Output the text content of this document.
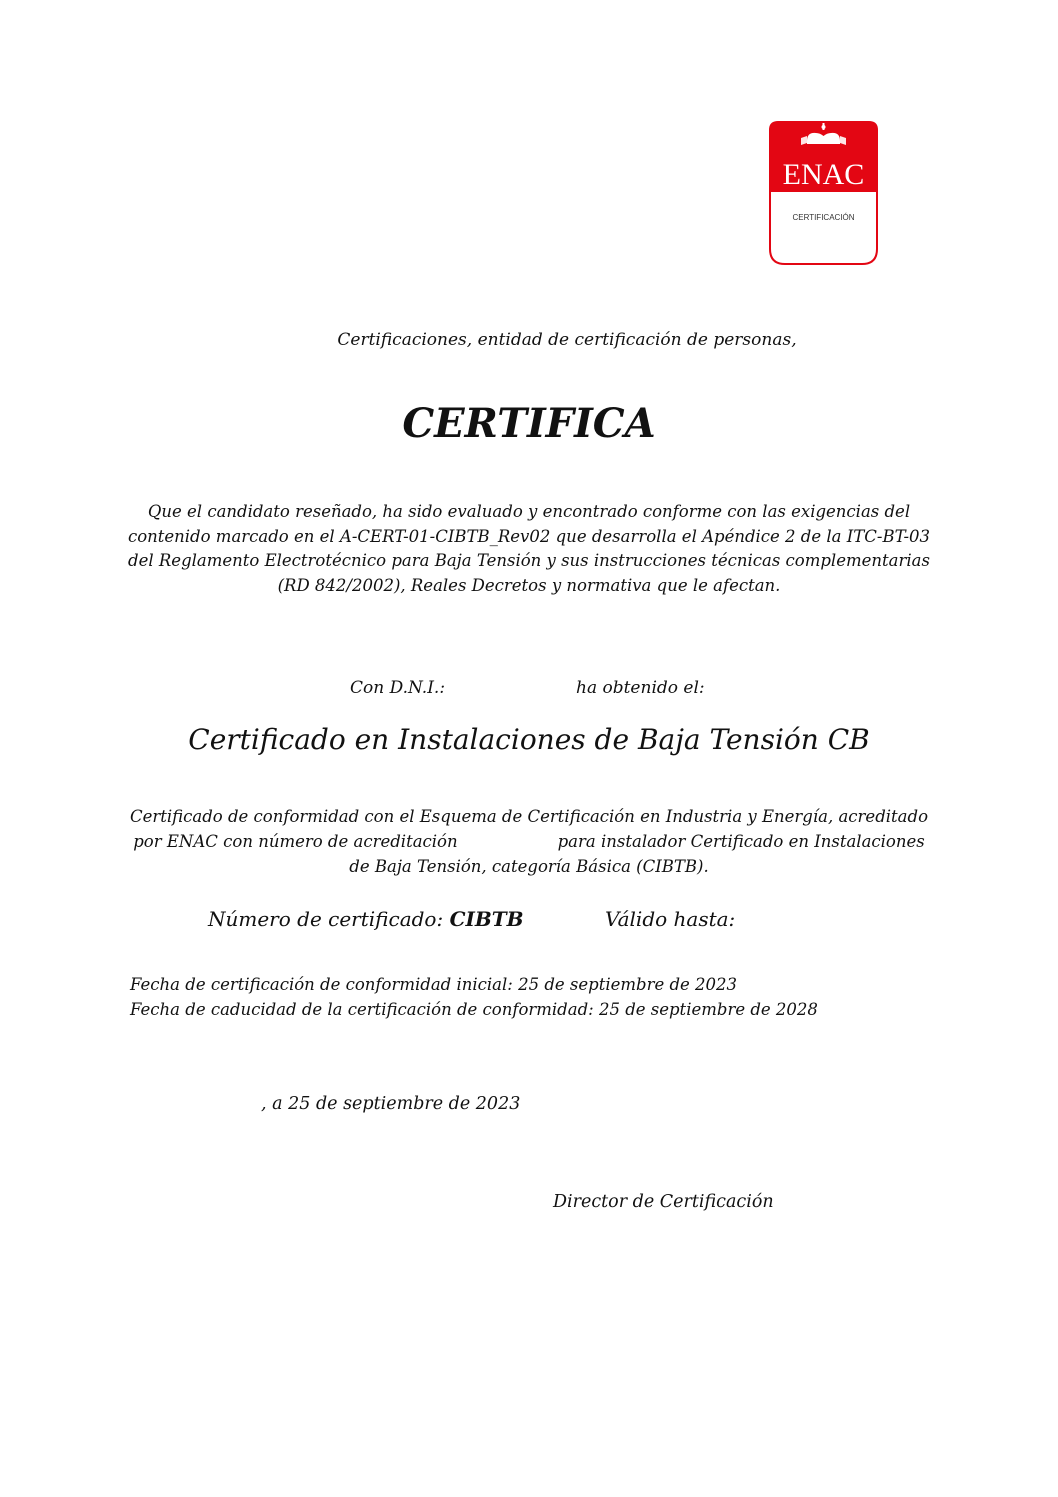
ENAC
CERTIFICACIÓN

Certificaciones, entidad de certificación de personas,

CERTIFICA

Que el candidato reseñado, ha sido evaluado y encontrado conforme con las exigencias del
contenido marcado en el A-CERT-01-CIBTB_Rev02 que desarrolla el Apéndice 2 de la ITC-BT-03
del Reglamento Electrotécnico para Baja Tensión y sus instrucciones técnicas complementarias
(RD 842/2002), Reales Decretos y normativa que le afectan.

Con D.N.I.:	ha obtenido el:

Certificado en Instalaciones de Baja Tensión CB

Certificado de conformidad con el Esquema de Certificación en Industria y Energía, acreditado
por ENAC con número de acreditación	para instalador Certificado en Instalaciones
de Baja Tensión, categoría Básica (CIBTB).

Número de certificado: CIBTB	Válido hasta:

Fecha de certificación de conformidad inicial: 25 de septiembre de 2023
Fecha de caducidad de la certificación de conformidad: 25 de septiembre de 2028

, a 25 de septiembre de 2023

Director de Certificación
